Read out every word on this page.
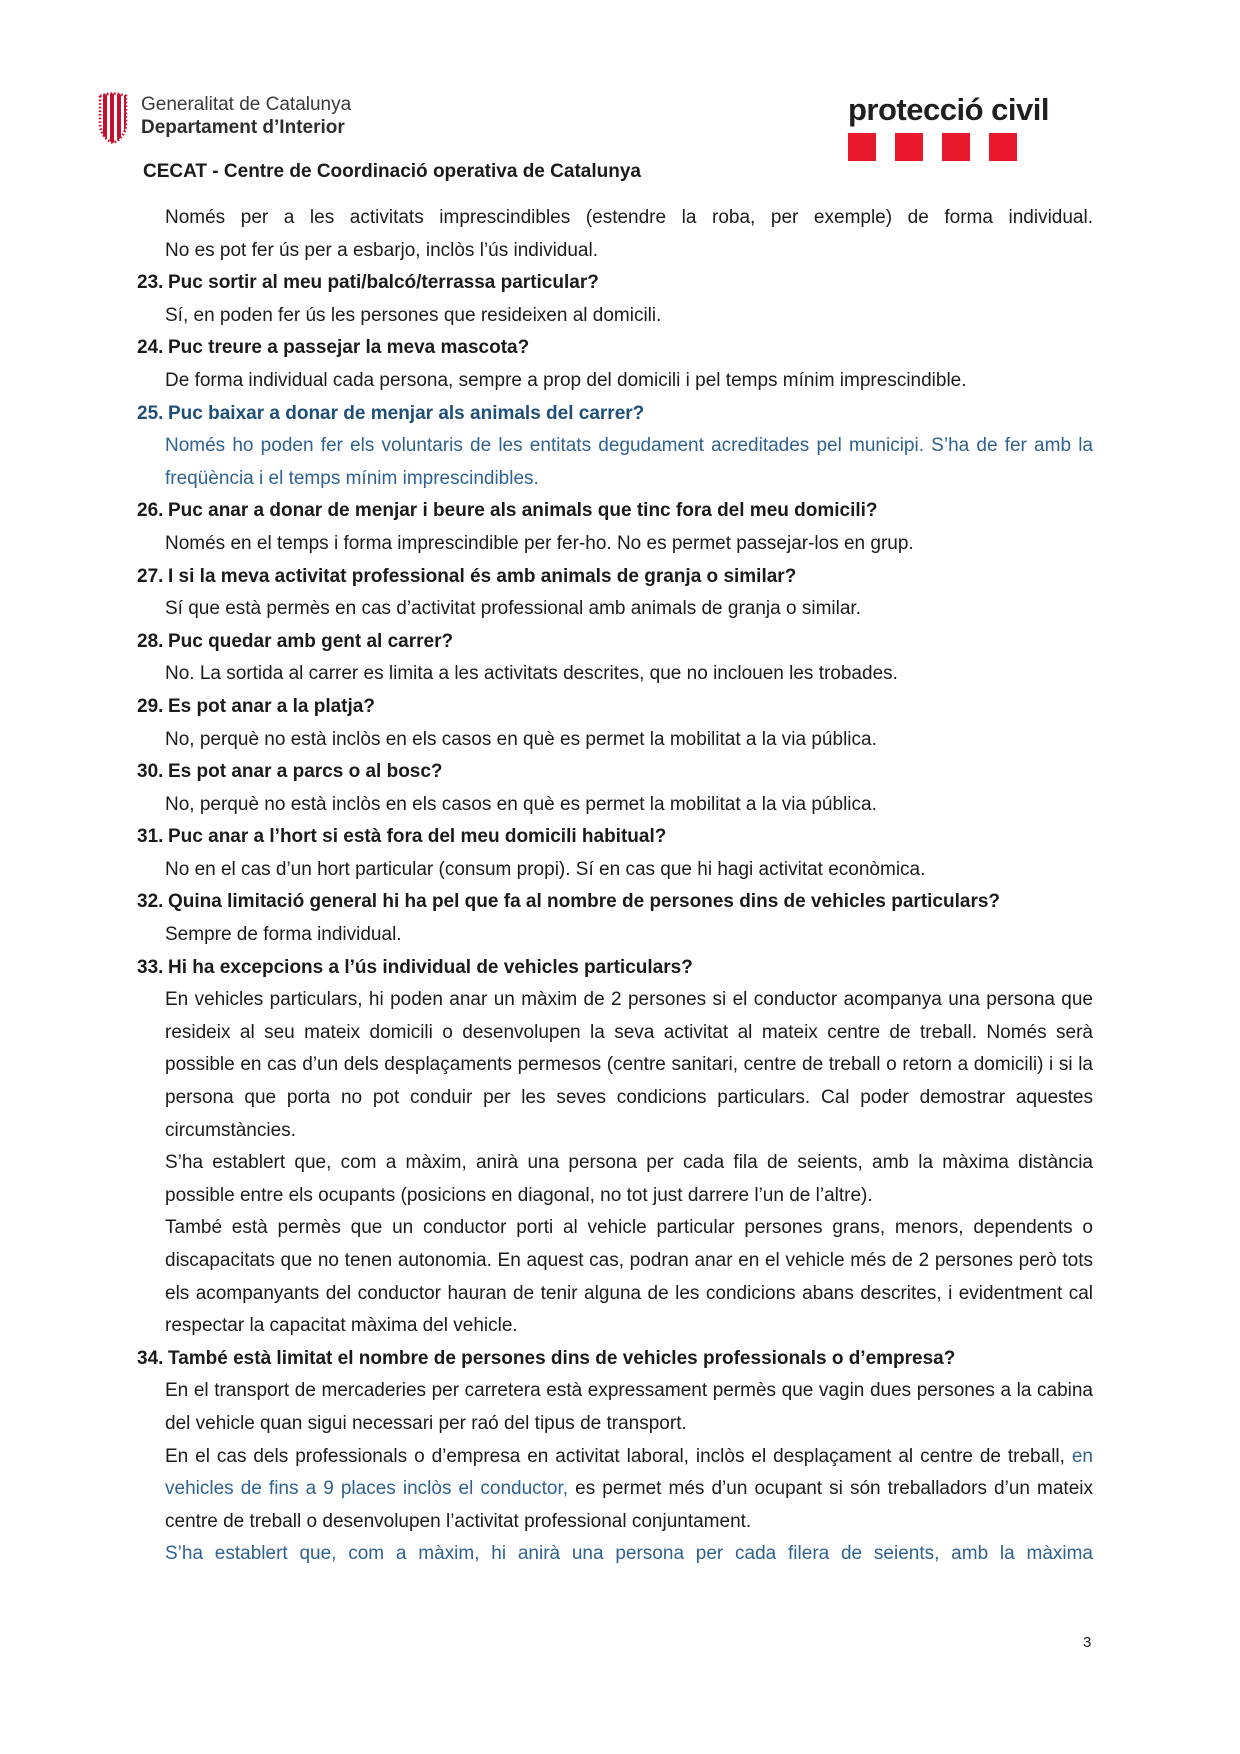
Generalitat de Catalunya
Departament d’Interior
protecció civil
CECAT - Centre de Coordinació operativa de Catalunya

Només per a les activitats imprescindibles (estendre la roba, per exemple) de forma individual.

No es pot fer ús per a esbarjo, inclòs l’ús individual.

23. Puc sortir al meu pati/balcó/terrassa particular?

Sí, en poden fer ús les persones que resideixen al domicili.

24. Puc treure a passejar la meva mascota?

De forma individual cada persona, sempre a prop del domicili i pel temps mínim imprescindible.

25. Puc baixar a donar de menjar als animals del carrer?

Només ho poden fer els voluntaris de les entitats degudament acreditades pel municipi. S’ha de fer amb la freqüència i el temps mínim imprescindibles.

26. Puc anar a donar de menjar i beure als animals que tinc fora del meu domicili?

Només en el temps i forma imprescindible per fer-ho. No es permet passejar-los en grup.

27. I si la meva activitat professional és amb animals de granja o similar?

Sí que està permès en cas d’activitat professional amb animals de granja o similar.

28. Puc quedar amb gent al carrer?

No. La sortida al carrer es limita a les activitats descrites, que no inclouen les trobades.

29. Es pot anar a la platja?

No, perquè no està inclòs en els casos en què es permet la mobilitat a la via pública.

30. Es pot anar a parcs o al bosc?

No, perquè no està inclòs en els casos en què es permet la mobilitat a la via pública.

31. Puc anar a l’hort si està fora del meu domicili habitual?

No en el cas d’un hort particular (consum propi). Sí en cas que hi hagi activitat econòmica.

32. Quina limitació general hi ha pel que fa al nombre de persones dins de vehicles particulars?

Sempre de forma individual.

33. Hi ha excepcions a l’ús individual de vehicles particulars?

En vehicles particulars, hi poden anar un màxim de 2 persones si el conductor acompanya una persona que resideix al seu mateix domicili o desenvolupen la seva activitat al mateix centre de treball. Només serà possible en cas d’un dels desplaçaments permesos (centre sanitari, centre de treball o retorn a domicili) i si la persona que porta no pot conduir per les seves condicions particulars. Cal poder demostrar aquestes circumstàncies.

S’ha establert que, com a màxim, anirà una persona per cada fila de seients, amb la màxima distància possible entre els ocupants (posicions en diagonal, no tot just darrere l’un de l’altre).

També està permès que un conductor porti al vehicle particular persones grans, menors, dependents o discapacitats que no tenen autonomia. En aquest cas, podran anar en el vehicle més de 2 persones però tots els acompanyants del conductor hauran de tenir alguna de les condicions abans descrites, i evidentment cal respectar la capacitat màxima del vehicle.

34. També està limitat el nombre de persones dins de vehicles professionals o d’empresa?

En el transport de mercaderies per carretera està expressament permès que vagin dues persones a la cabina del vehicle quan sigui necessari per raó del tipus de transport.

En el cas dels professionals o d’empresa en activitat laboral, inclòs el desplaçament al centre de treball, en vehicles de fins a 9 places inclòs el conductor, es permet més d’un ocupant si són treballadors d’un mateix centre de treball o desenvolupen l’activitat professional conjuntament.

S’ha establert que, com a màxim, hi anirà una persona per cada filera de seients, amb la màxima

3
